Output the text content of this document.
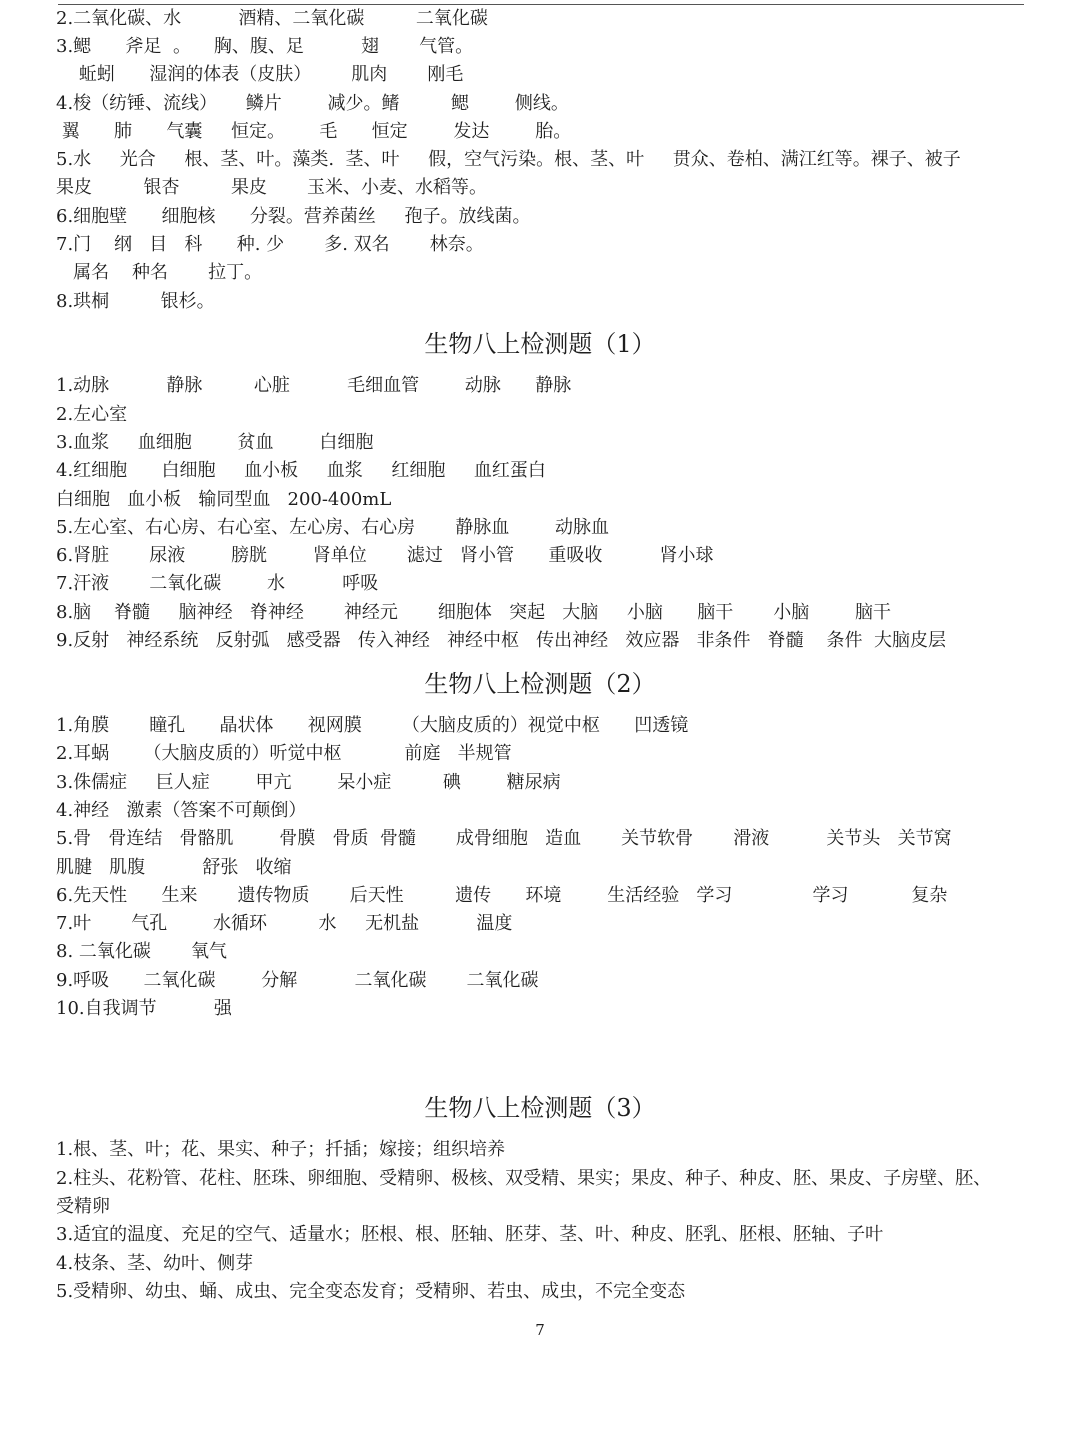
2.二氧化碳、水          酒精、二氧化碳         二氧化碳
3.鳃      斧足  。    胸、腹、足          翅       气管。
蚯蚓      湿润的体表（皮肤）       肌肉       刚毛
4.梭（纺锤、流线）     鳞片        减少。鳍         鳃        侧线。
翼      肺      气囊     恒定。      毛      恒定        发达        胎。
5.水     光合     根、茎、叶。藻类.  茎、叶     假，空气污染。根、茎、叶     贯众、卷柏、满江红等。裸子、被子
果皮         银杏         果皮       玉米、小麦、水稻等。
6.细胞壁      细胞核      分裂。营养菌丝     孢子。放线菌。
7.门    纲   目   科      种. 少       多. 双名       林奈。
属名    种名       拉丁。
8.珙桐         银杉。
生物八上检测题（1）
1.动脉          静脉         心脏          毛细血管        动脉      静脉
2.左心室
3.血浆     血细胞        贫血        白细胞
4.红细胞      白细胞     血小板     血浆     红细胞     血红蛋白
白细胞   血小板   输同型血   200-400mL
5.左心室、右心房、右心室、左心房、右心房       静脉血        动脉血
6.肾脏       尿液        膀胱        肾单位       滤过   肾小管      重吸收          肾小球
7.汗液       二氧化碳        水          呼吸
8.脑    脊髓     脑神经   脊神经       神经元       细胞体   突起   大脑     小脑      脑干       小脑        脑干
9.反射   神经系统   反射弧   感受器   传入神经   神经中枢   传出神经   效应器   非条件   脊髓    条件  大脑皮层
生物八上检测题（2）
1.角膜       瞳孔      晶状体      视网膜       （大脑皮质的）视觉中枢      凹透镜
2.耳蜗      （大脑皮质的）听觉中枢           前庭   半规管
3.侏儒症     巨人症        甲亢        呆小症         碘        糖尿病
4.神经   激素（答案不可颠倒）
5.骨   骨连结   骨骼肌        骨膜   骨质  骨髓       成骨细胞   造血       关节软骨       滑液          关节头   关节窝
肌腱   肌腹          舒张   收缩
6.先天性      生来       遗传物质       后天性         遗传      环境        生活经验   学习              学习           复杂
7.叶       气孔        水循环         水     无机盐          温度
8. 二氧化碳       氧气
9.呼吸      二氧化碳        分解          二氧化碳       二氧化碳
10.自我调节          强
生物八上检测题（3）
1.根、茎、叶；花、果实、种子；扦插；嫁接；组织培养
2.柱头、花粉管、花柱、胚珠、卵细胞、受精卵、极核、双受精、果实；果皮、种子、种皮、胚、果皮、子房壁、胚、
受精卵
3.适宜的温度、充足的空气、适量水；胚根、根、胚轴、胚芽、茎、叶、种皮、胚乳、胚根、胚轴、子叶
4.枝条、茎、幼叶、侧芽
5.受精卵、幼虫、蛹、成虫、完全变态发育；受精卵、若虫、成虫，不完全变态
7
